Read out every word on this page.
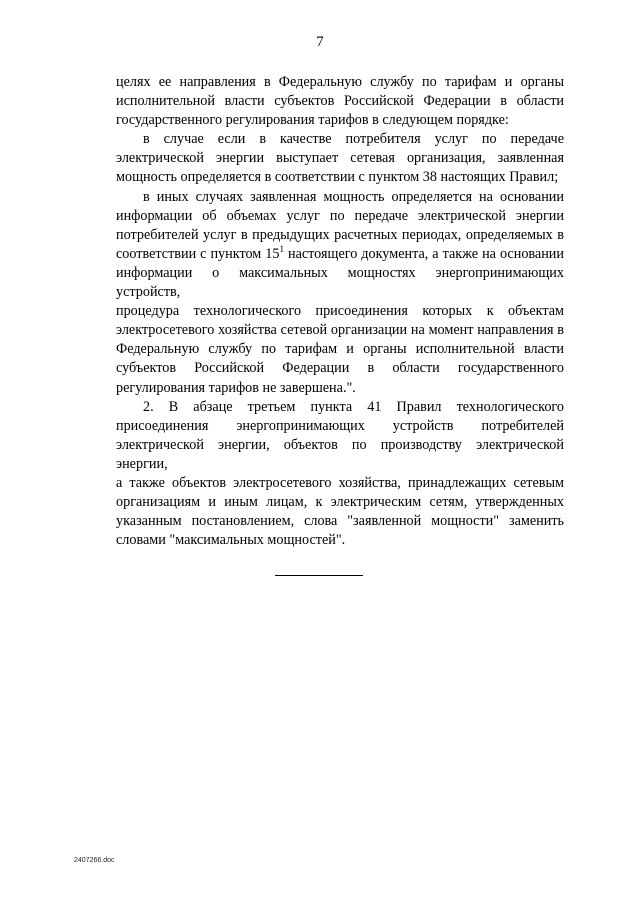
7
целях ее направления в Федеральную службу по тарифам и органы
исполнительной власти субъектов Российской Федерации в области
государственного регулирования тарифов в следующем порядке:
в случае если в качестве потребителя услуг по передаче
электрической энергии выступает сетевая организация, заявленная
мощность определяется в соответствии с пунктом 38 настоящих Правил;
в иных случаях заявленная мощность определяется на основании
информации об объемах услуг по передаче электрической энергии
потребителей услуг в предыдущих расчетных периодах, определяемых в
соответствии с пунктом $15^1$ настоящего документа, а также на основании
информации о максимальных мощностях энергопринимающих устройств,
процедура технологического присоединения которых к объектам
электросетевого хозяйства сетевой организации на момент направления в
Федеральную службу по тарифам и органы исполнительной власти
субъектов Российской Федерации в области государственного
регулирования тарифов не завершена.".
2. В абзаце третьем пункта 41 Правил технологического
присоединения энергопринимающих устройств потребителей
электрической энергии, объектов по производству электрической энергии,
а также объектов электросетевого хозяйства, принадлежащих сетевым
организациям и иным лицам, к электрическим сетям, утвержденных
указанным постановлением, слова "заявленной мощности" заменить
словами "максимальных мощностей".
2407266.doc
